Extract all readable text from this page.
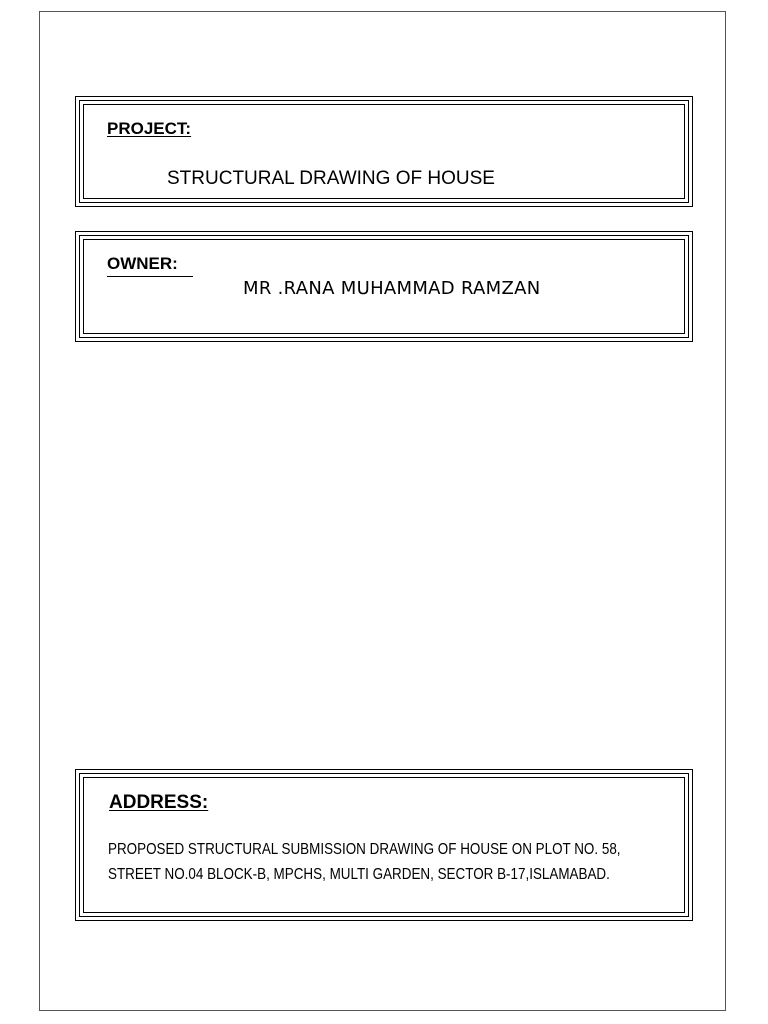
PROJECT:
STRUCTURAL DRAWING OF HOUSE
OWNER:
MR .RANA MUHAMMAD RAMZAN
ADDRESS:
PROPOSED STRUCTURAL SUBMISSION DRAWING OF HOUSE ON PLOT NO. 58,
STREET NO.04 BLOCK-B, MPCHS, MULTI GARDEN, SECTOR B-17,ISLAMABAD.
